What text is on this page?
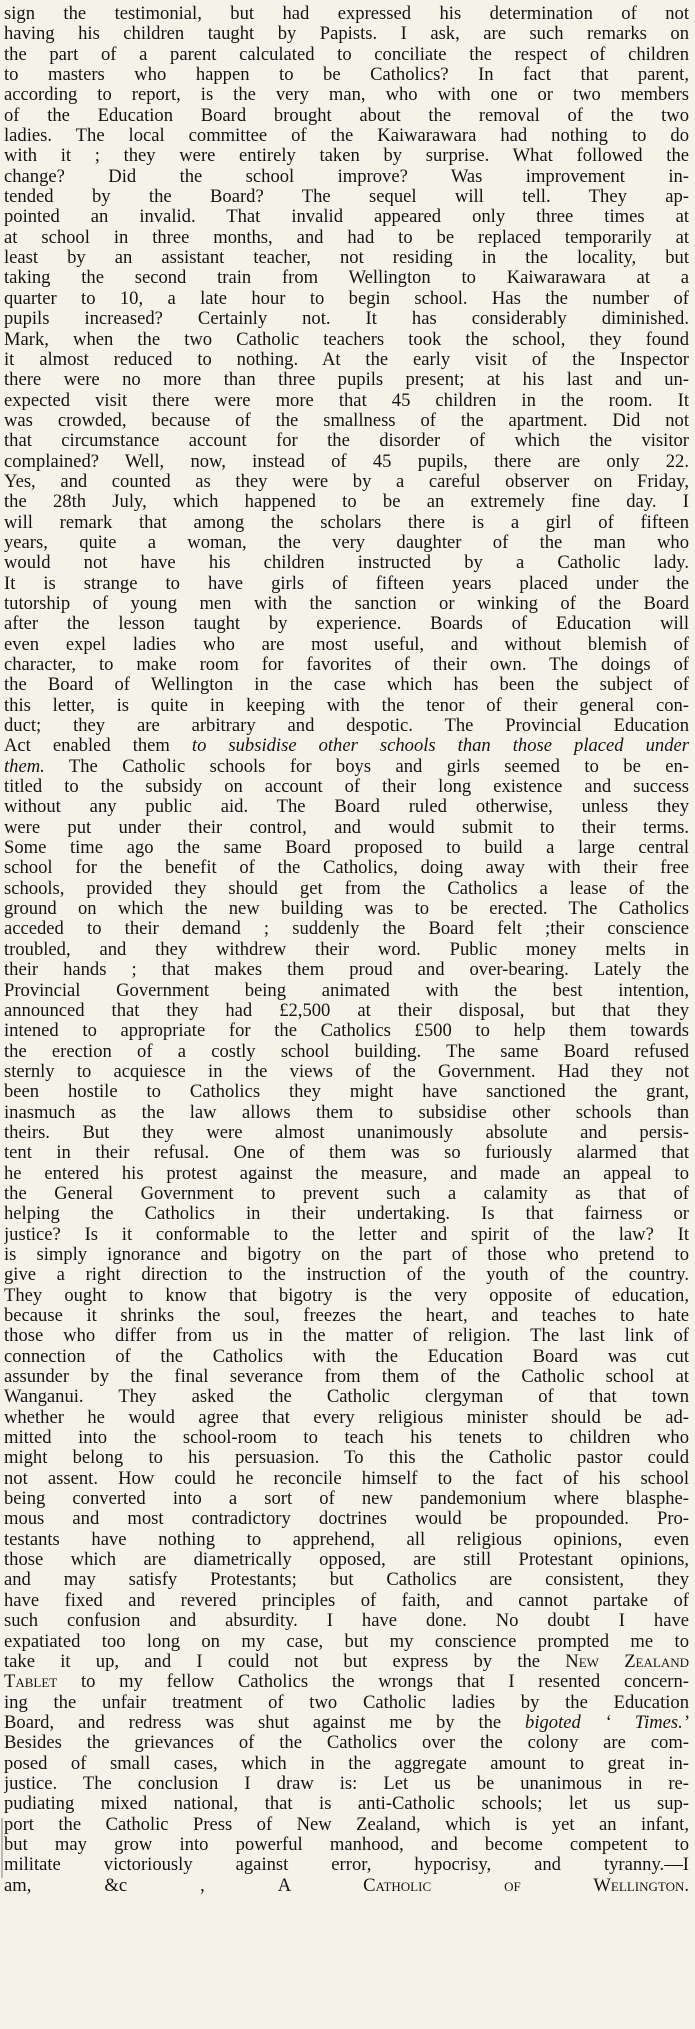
sign the testimonial, but had expressed his determination of not
having his children taught by Papists. I ask, are such remarks on
the part of a parent calculated to conciliate the respect of children
to masters who happen to be Catholics? In fact that parent,
according to report, is the very man, who with one or two members
of the Education Board brought about the removal of the two
ladies. The local committee of the Kaiwarawara had nothing to do
with it ; they were entirely taken by surprise. What followed the
change? Did the school improve? Was improvement in-
tended by the Board? The sequel will tell. They ap-
pointed an invalid. That invalid appeared only three times at
at school in three months, and had to be replaced temporarily at
least by an assistant teacher, not residing in the locality, but
taking the second train from Wellington to Kaiwarawara at a
quarter to 10, a late hour to begin school. Has the number of
pupils increased? Certainly not. It has considerably diminished.
Mark, when the two Catholic teachers took the school, they found
it almost reduced to nothing. At the early visit of the Inspector
there were no more than three pupils present; at his last and un-
expected visit there were more that 45 children in the room. It
was crowded, because of the smallness of the apartment. Did not
that circumstance account for the disorder of which the visitor
complained? Well, now, instead of 45 pupils, there are only 22.
Yes, and counted as they were by a careful observer on Friday,
the 28th July, which happened to be an extremely fine day. I
will remark that among the scholars there is a girl of fifteen
years, quite a woman, the very daughter of the man who
would not have his children instructed by a Catholic lady.
It is strange to have girls of fifteen years placed under the
tutorship of young men with the sanction or winking of the Board
after the lesson taught by experience. Boards of Education will
even expel ladies who are most useful, and without blemish of
character, to make room for favorites of their own. The doings of
the Board of Wellington in the case which has been the subject of
this letter, is quite in keeping with the tenor of their general con-
duct; they are arbitrary and despotic. The Provincial Education
Act enabled them to subsidise other schools than those placed under
them. The Catholic schools for boys and girls seemed to be en-
titled to the subsidy on account of their long existence and success
without any public aid. The Board ruled otherwise, unless they
were put under their control, and would submit to their terms.
Some time ago the same Board proposed to build a large central
school for the benefit of the Catholics, doing away with their free
schools, provided they should get from the Catholics a lease of the
ground on which the new building was to be erected. The Catholics
acceded to their demand ; suddenly the Board felt ;their conscience
troubled, and they withdrew their word. Public money melts in
their hands ; that makes them proud and over-bearing. Lately the
Provincial Government being animated with the best intention,
announced that they had £2,500 at their disposal, but that they
intened to appropriate for the Catholics £500 to help them towards
the erection of a costly school building. The same Board refused
sternly to acquiesce in the views of the Government. Had they not
been hostile to Catholics they might have sanctioned the grant,
inasmuch as the law allows them to subsidise other schools than
theirs. But they were almost unanimously absolute and persis-
tent in their refusal. One of them was so furiously alarmed that
he entered his protest against the measure, and made an appeal to
the General Government to prevent such a calamity as that of
helping the Catholics in their undertaking. Is that fairness or
justice? Is it conformable to the letter and spirit of the law? It
is simply ignorance and bigotry on the part of those who pretend to
give a right direction to the instruction of the youth of the country.
They ought to know that bigotry is the very opposite of education,
because it shrinks the soul, freezes the heart, and teaches to hate
those who differ from us in the matter of religion. The last link of
connection of the Catholics with the Education Board was cut
assunder by the final severance from them of the Catholic school at
Wanganui. They asked the Catholic clergyman of that town
whether he would agree that every religious minister should be ad-
mitted into the school-room to teach his tenets to children who
might belong to his persuasion. To this the Catholic pastor could
not assent. How could he reconcile himself to the fact of his school
being converted into a sort of new pandemonium where blasphe-
mous and most contradictory doctrines would be propounded. Pro-
testants have nothing to apprehend, all religious opinions, even
those which are diametrically opposed, are still Protestant opinions,
and may satisfy Protestants; but Catholics are consistent, they
have fixed and revered principles of faith, and cannot partake of
such confusion and absurdity. I have done. No doubt I have
expatiated too long on my case, but my conscience prompted me to
take it up, and I could not but express by the New Zealand
Tablet to my fellow Catholics the wrongs that I resented concern-
ing the unfair treatment of two Catholic ladies by the Education
Board, and redress was shut against me by the bigoted ‘ Times.’
Besides the grievances of the Catholics over the colony are com-
posed of small cases, which in the aggregate amount to great in-
justice. The conclusion I draw is: Let us be unanimous in re-
pudiating mixed national, that is anti-Catholic schools; let us sup-
port the Catholic Press of New Zealand, which is yet an infant,
but may grow into powerful manhood, and become competent to
militate victoriously against error, hypocrisy, and tyranny.—I
am, &c ,	A Catholic of Wellington.
